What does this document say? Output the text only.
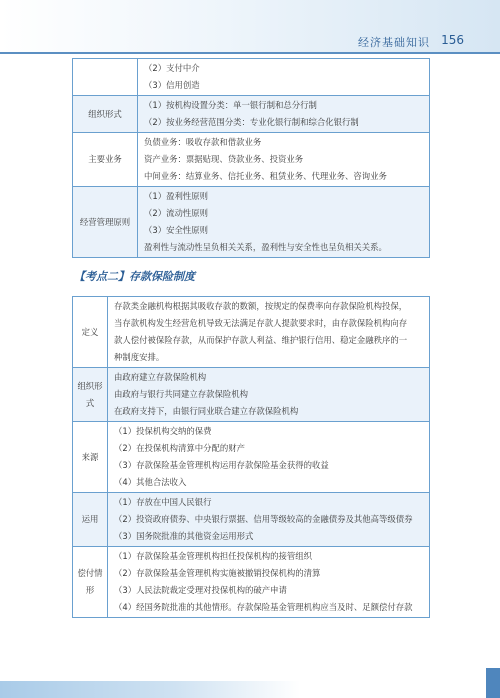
经济基础知识 156

	（2）支付中介
（3）信用创造

组织形式	（1）按机构设置分类：单一银行制和总分行制
（2）按业务经营范围分类：专业化银行制和综合化银行制

主要业务	负债业务：吸收存款和借款业务
资产业务：票据贴现、贷款业务、投资业务
中间业务：结算业务、信托业务、租赁业务、代理业务、咨询业务

经营管理原则	（1）盈利性原则
（2）流动性原则
（3）安全性原则
盈利性与流动性呈负相关关系，盈利性与安全性也呈负相关关系。
【考点二】存款保险制度
定义	存款类金融机构根据其吸收存款的数额，按规定的保费率向存款保险机构投保，
当存款机构发生经营危机导致无法满足存款人提款要求时，由存款保险机构向存
款人偿付被保险存款，从而保护存款人利益、维护银行信用、稳定金融秩序的一
种制度安排。

组织形式	由政府建立存款保险机构
由政府与银行共同建立存款保险机构
在政府支持下，由银行同业联合建立存款保险机构

来源	（1）投保机构交纳的保费
（2）在投保机构清算中分配的财产
（3）存款保险基金管理机构运用存款保险基金获得的收益
（4）其他合法收入

运用	（1）存放在中国人民银行
（2）投资政府债券、中央银行票据、信用等级较高的金融债券及其他高等级债券
（3）国务院批准的其他资金运用形式

偿付情形	（1）存款保险基金管理机构担任投保机构的接管组织
（2）存款保险基金管理机构实施被撤销投保机构的清算
（3）人民法院裁定受理对投保机构的破产申请
（4）经国务院批准的其他情形。存款保险基金管理机构应当及时、足额偿付存款
